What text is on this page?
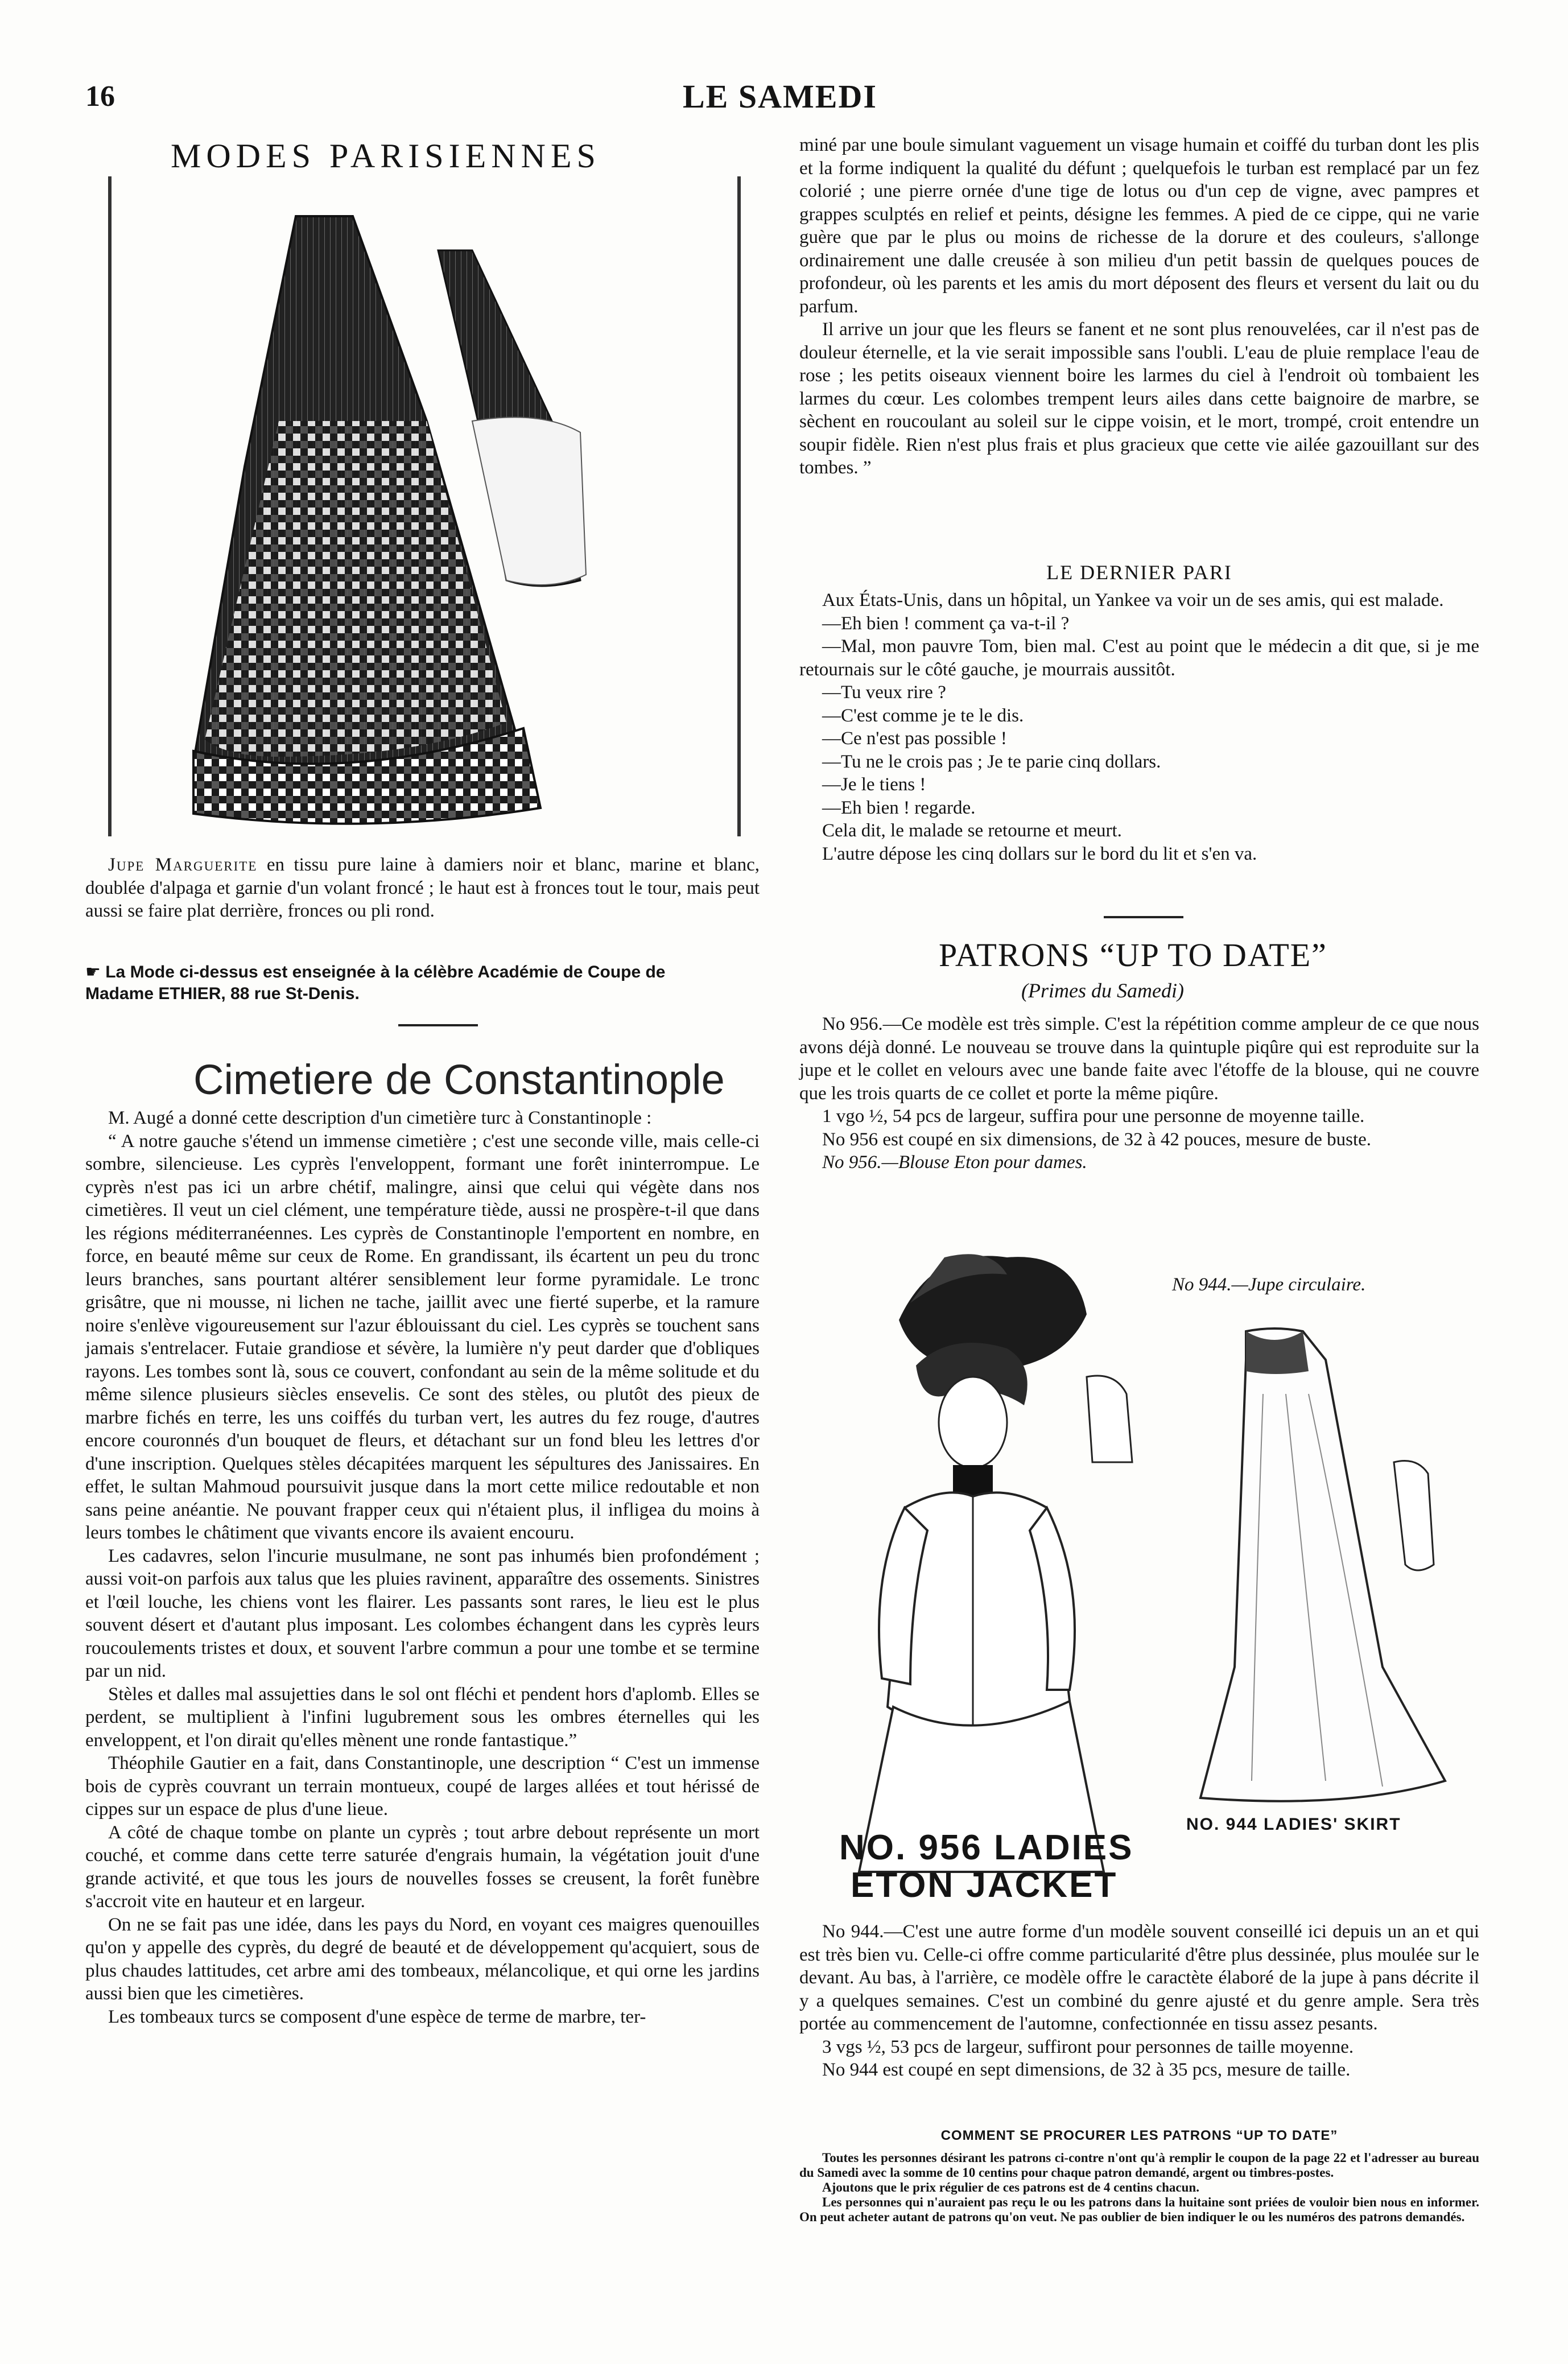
16	LE SAMEDI
MODES PARISIENNES

Jupe Marguerite en tissu pure laine à damiers noir et blanc, marine et blanc, doublée d'alpaga et garnie d'un volant froncé ; le haut est à fronces tout le tour, mais peut aussi se faire plat derrière, fronces ou pli rond.

☛ La Mode ci-dessus est enseignée à la célèbre Académie de Coupe de
Madame ETHIER, 88 rue St-Denis.
Cimetiere de Constantinople

M. Augé a donné cette description d'un cimetière turc à Constantinople :

“ A notre gauche s'étend un immense cimetière ; c'est une seconde ville, mais celle-ci sombre, silencieuse. Les cyprès l'enveloppent, formant une forêt ininterrompue. Le cyprès n'est pas ici un arbre chétif, malingre, ainsi que celui qui végète dans nos cimetières. Il veut un ciel clément, une température tiède, aussi ne prospère-t-il que dans les régions méditerranéennes. Les cyprès de Constantinople l'emportent en nombre, en force, en beauté même sur ceux de Rome. En grandissant, ils écartent un peu du tronc leurs branches, sans pourtant altérer sensiblement leur forme pyramidale. Le tronc grisâtre, que ni mousse, ni lichen ne tache, jaillit avec une fierté superbe, et la ramure noire s'enlève vigoureusement sur l'azur éblouissant du ciel. Les cyprès se touchent sans jamais s'entrelacer. Futaie grandiose et sévère, la lumière n'y peut darder que d'obliques rayons. Les tombes sont là, sous ce couvert, confondant au sein de la même solitude et du même silence plusieurs siècles ensevelis. Ce sont des stèles, ou plutôt des pieux de marbre fichés en terre, les uns coiffés du turban vert, les autres du fez rouge, d'autres encore couronnés d'un bouquet de fleurs, et détachant sur un fond bleu les lettres d'or d'une inscription. Quelques stèles décapitées marquent les sépultures des Janissaires. En effet, le sultan Mahmoud poursuivit jusque dans la mort cette milice redoutable et non sans peine anéantie. Ne pouvant frapper ceux qui n'étaient plus, il infligea du moins à leurs tombes le châtiment que vivants encore ils avaient encouru.

Les cadavres, selon l'incurie musulmane, ne sont pas inhumés bien profondément ; aussi voit-on parfois aux talus que les pluies ravinent, apparaître des ossements. Sinistres et l'œil louche, les chiens vont les flairer. Les passants sont rares, le lieu est le plus souvent désert et d'autant plus imposant. Les colombes échangent dans les cyprès leurs roucoulements tristes et doux, et souvent l'arbre commun a pour une tombe et se termine par un nid.

Stèles et dalles mal assujetties dans le sol ont fléchi et pendent hors d'aplomb. Elles se perdent, se multiplient à l'infini lugubrement sous les ombres éternelles qui les enveloppent, et l'on dirait qu'elles mènent une ronde fantastique.”

Théophile Gautier en a fait, dans Constantinople, une description “ C'est un immense bois de cyprès couvrant un terrain montueux, coupé de larges allées et tout hérissé de cippes sur un espace de plus d'une lieue.

A côté de chaque tombe on plante un cyprès ; tout arbre debout représente un mort couché, et comme dans cette terre saturée d'engrais humain, la végétation jouit d'une grande activité, et que tous les jours de nouvelles fosses se creusent, la forêt funèbre s'accroit vite en hauteur et en largeur.

On ne se fait pas une idée, dans les pays du Nord, en voyant ces maigres quenouilles qu'on y appelle des cyprès, du degré de beauté et de développement qu'acquiert, sous de plus chaudes lattitudes, cet arbre ami des tombeaux, mélancolique, et qui orne les jardins aussi bien que les cimetières.

Les tombeaux turcs se composent d'une espèce de terme de marbre, ter-

miné par une boule simulant vaguement un visage humain et coiffé du turban dont les plis et la forme indiquent la qualité du défunt ; quelquefois le turban est remplacé par un fez colorié ; une pierre ornée d'une tige de lotus ou d'un cep de vigne, avec pampres et grappes sculptés en relief et peints, désigne les femmes. A pied de ce cippe, qui ne varie guère que par le plus ou moins de richesse de la dorure et des couleurs, s'allonge ordinairement une dalle creusée à son milieu d'un petit bassin de quelques pouces de profondeur, où les parents et les amis du mort déposent des fleurs et versent du lait ou du parfum.

Il arrive un jour que les fleurs se fanent et ne sont plus renouvelées, car il n'est pas de douleur éternelle, et la vie serait impossible sans l'oubli. L'eau de pluie remplace l'eau de rose ; les petits oiseaux viennent boire les larmes du ciel à l'endroit où tombaient les larmes du cœur. Les colombes trempent leurs ailes dans cette baignoire de marbre, se sèchent en roucoulant au soleil sur le cippe voisin, et le mort, trompé, croit entendre un soupir fidèle. Rien n'est plus frais et plus gracieux que cette vie ailée gazouillant sur des tombes. ”

LE DERNIER PARI

Aux États-Unis, dans un hôpital, un Yankee va voir un de ses amis, qui est malade.

—Eh bien ! comment ça va-t-il ?

—Mal, mon pauvre Tom, bien mal. C'est au point que le médecin a dit que, si je me retournais sur le côté gauche, je mourrais aussitôt.

—Tu veux rire ?

—C'est comme je te le dis.

—Ce n'est pas possible !

—Tu ne le crois pas ; Je te parie cinq dollars.

—Je le tiens !

—Eh bien ! regarde.

Cela dit, le malade se retourne et meurt.

L'autre dépose les cinq dollars sur le bord du lit et s'en va.

PATRONS “UP TO DATE”
(Primes du Samedi)

No 956.—Ce modèle est très simple. C'est la répétition comme ampleur de ce que nous avons déjà donné. Le nouveau se trouve dans la quintuple piqûre qui est reproduite sur la jupe et le collet en velours avec une bande faite avec l'étoffe de la blouse, qui ne couvre que les trois quarts de ce collet et porte la même piqûre.

1 vgo ½, 54 pcs de largeur, suffira pour une personne de moyenne taille.

No 956 est coupé en six dimensions, de 32 à 42 pouces, mesure de buste.

No 956.—Blouse Eton pour dames.

No 944.—Jupe circulaire.
NO. 944 LADIES' SKIRT
NO. 956 LADIES
ETON JACKET

No 944.—C'est une autre forme d'un modèle souvent conseillé ici depuis un an et qui est très bien vu. Celle-ci offre comme particularité d'être plus dessinée, plus moulée sur le devant. Au bas, à l'arrière, ce modèle offre le caractète élaboré de la jupe à pans décrite il y a quelques semaines. C'est un combiné du genre ajusté et du genre ample. Sera très portée au commencement de l'automne, confectionnée en tissu assez pesants.

3 vgs ½, 53 pcs de largeur, suffiront pour personnes de taille moyenne.

No 944 est coupé en sept dimensions, de 32 à 35 pcs, mesure de taille.

COMMENT SE PROCURER LES PATRONS “UP TO DATE”
Toutes les personnes désirant les patrons ci-contre n'ont qu'à remplir le coupon de la page 22 et l'adresser au bureau du Samedi avec la somme de 10 centins pour chaque patron demandé, argent ou timbres-postes.
Ajoutons que le prix régulier de ces patrons est de 4 centins chacun.
Les personnes qui n'auraient pas reçu le ou les patrons dans la huitaine sont priées de vouloir bien nous en informer. On peut acheter autant de patrons qu'on veut. Ne pas oublier de bien indiquer le ou les numéros des patrons demandés.
